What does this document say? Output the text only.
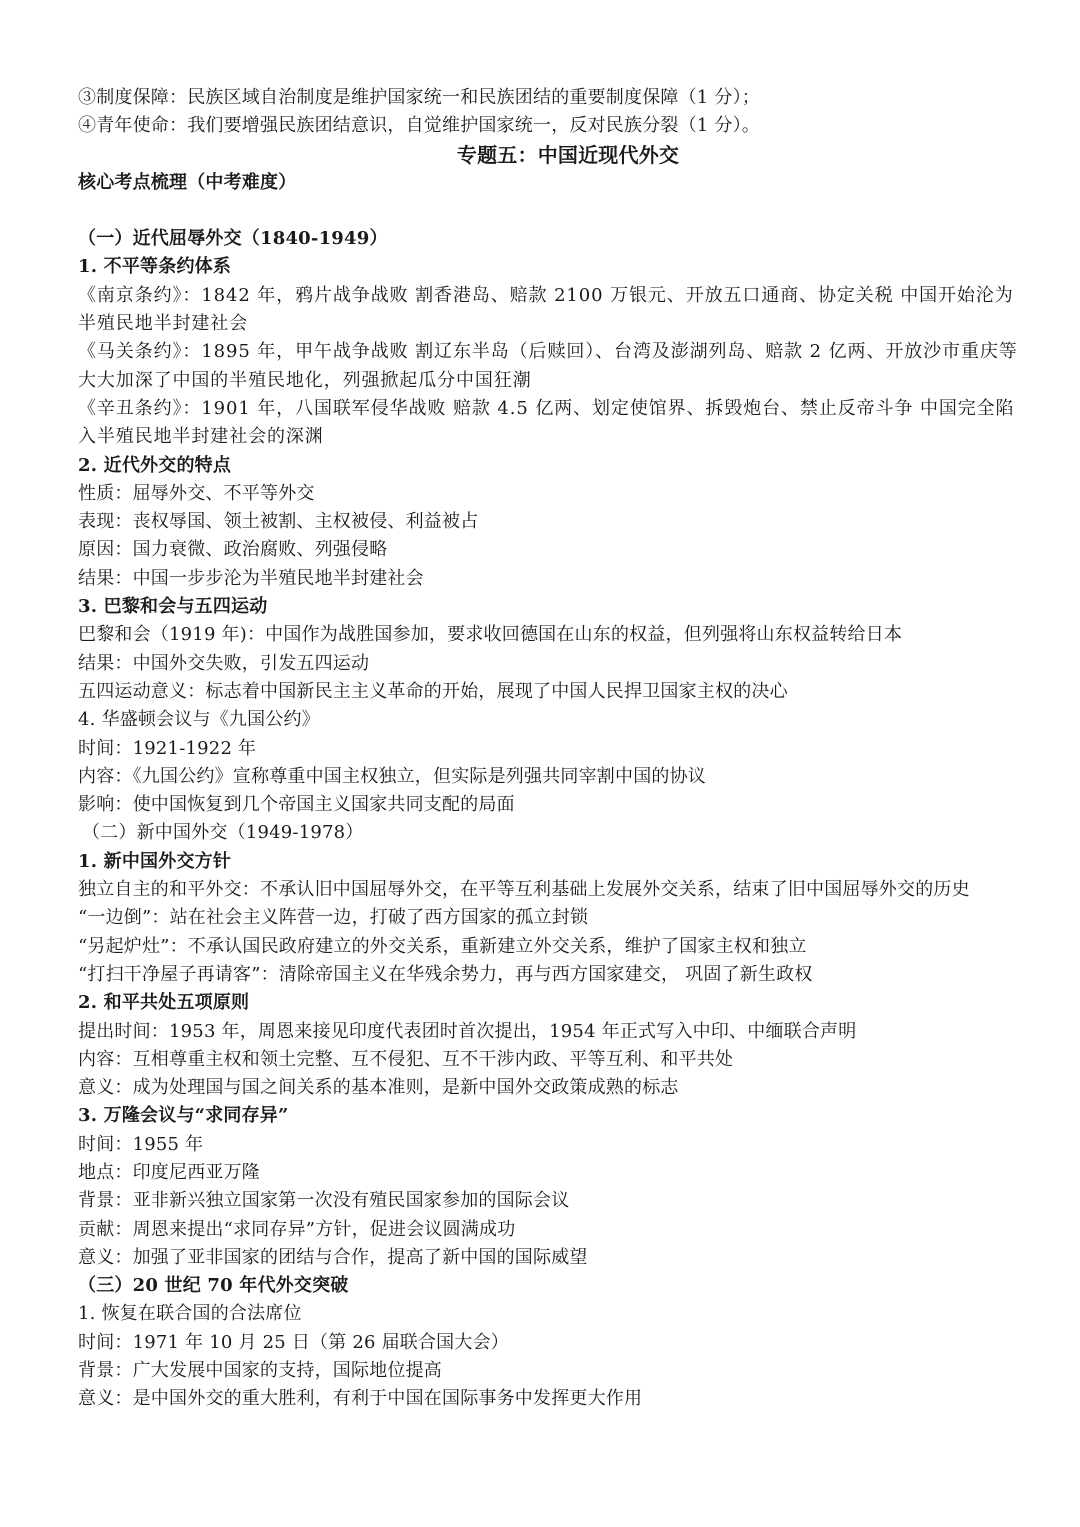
③制度保障：民族区域自治制度是维护国家统一和民族团结的重要制度保障（1 分）；
④青年使命：我们要增强民族团结意识，自觉维护国家统一，反对民族分裂（1 分）。
专题五：中国近现代外交
核心考点梳理（中考难度）
（一）近代屈辱外交（1840-1949）
1. 不平等条约体系
《南京条约》：1842 年，鸦片战争战败 割香港岛、赔款 2100 万银元、开放五口通商、协定关税 中国开始沦为半殖民地半封建社会
《马关条约》：1895 年，甲午战争战败 割辽东半岛（后赎回）、台湾及澎湖列岛、赔款 2 亿两、开放沙市重庆等大大加深了中国的半殖民地化，列强掀起瓜分中国狂潮
《辛丑条约》：1901 年，八国联军侵华战败 赔款 4.5 亿两、划定使馆界、拆毁炮台、禁止反帝斗争 中国完全陷入半殖民地半封建社会的深渊
2. 近代外交的特点
性质：屈辱外交、不平等外交
表现：丧权辱国、领土被割、主权被侵、利益被占
原因：国力衰微、政治腐败、列强侵略
结果：中国一步步沦为半殖民地半封建社会
3. 巴黎和会与五四运动
巴黎和会（1919 年)：中国作为战胜国参加，要求收回德国在山东的权益，但列强将山东权益转给日本
结果：中国外交失败，引发五四运动
五四运动意义：标志着中国新民主主义革命的开始，展现了中国人民捍卫国家主权的决心
4. 华盛顿会议与《九国公约》
时间：1921-1922 年
内容：《九国公约》宣称尊重中国主权独立，但实际是列强共同宰割中国的协议
影响：使中国恢复到几个帝国主义国家共同支配的局面
（二）新中国外交（1949-1978）
1. 新中国外交方针
独立自主的和平外交：不承认旧中国屈辱外交，在平等互利基础上发展外交关系，结束了旧中国屈辱外交的历史
“一边倒”：站在社会主义阵营一边，打破了西方国家的孤立封锁
“另起炉灶”：不承认国民政府建立的外交关系，重新建立外交关系，维护了国家主权和独立
“打扫干净屋子再请客”：清除帝国主义在华残余势力，再与西方国家建交， 巩固了新生政权
2. 和平共处五项原则
提出时间：1953 年，周恩来接见印度代表团时首次提出，1954 年正式写入中印、中缅联合声明
内容：互相尊重主权和领土完整、互不侵犯、互不干涉内政、平等互利、和平共处
意义：成为处理国与国之间关系的基本准则，是新中国外交政策成熟的标志
3. 万隆会议与“求同存异”
时间：1955 年
地点：印度尼西亚万隆
背景：亚非新兴独立国家第一次没有殖民国家参加的国际会议
贡献：周恩来提出“求同存异”方针，促进会议圆满成功
意义：加强了亚非国家的团结与合作，提高了新中国的国际威望
（三）20 世纪 70 年代外交突破
1. 恢复在联合国的合法席位
时间：1971 年 10 月 25 日（第 26 届联合国大会）
背景：广大发展中国家的支持，国际地位提高
意义：是中国外交的重大胜利，有利于中国在国际事务中发挥更大作用
